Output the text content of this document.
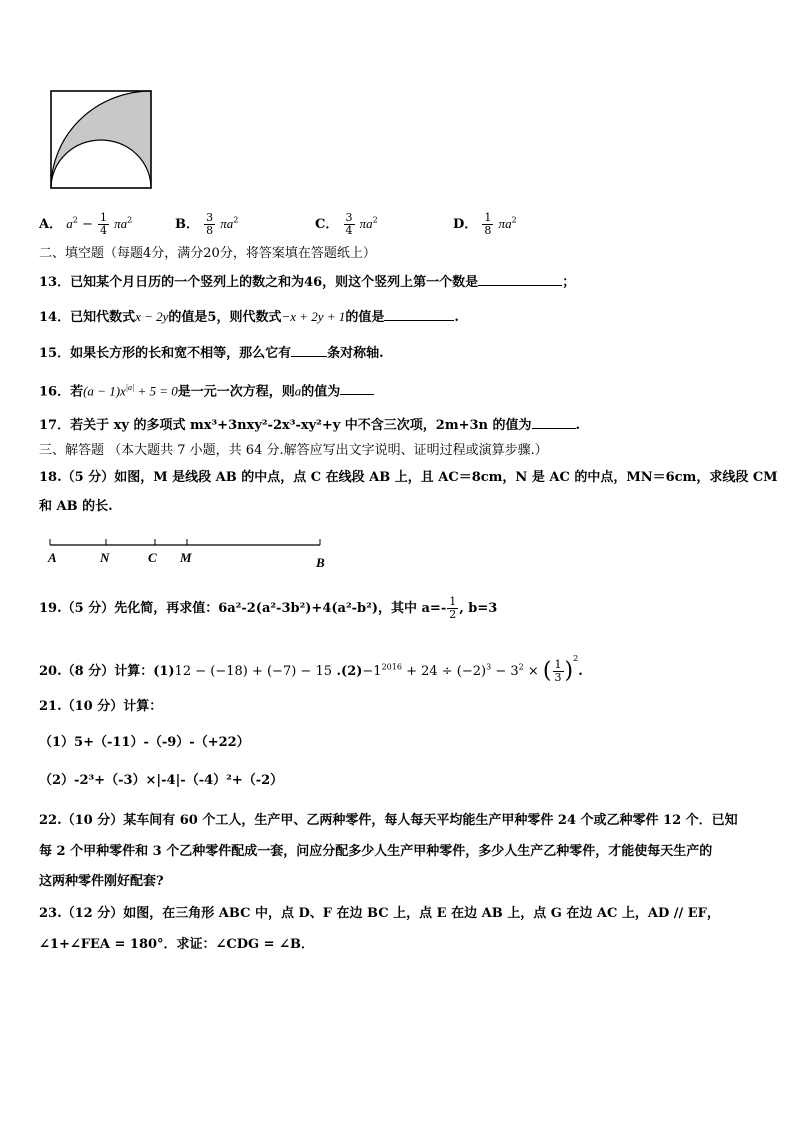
A． $a^2 - \frac{1}{4} \pi a^2$	B． $\frac{3}{8} \pi a^2$	C． $\frac{3}{4} \pi a^2$	D． $\frac{1}{8} \pi a^2$
二、填空题（每题4分，满分20分，将答案填在答题纸上）
13．已知某个月日历的一个竖列上的数之和为46，则这个竖列上第一个数是	；
14．已知代数式x − 2y的值是5，则代数式−x + 2y + 1的值是	.
15．如果长方形的长和宽不相等，那么它有	条对称轴.
16．若$(a - 1)x^{|a|} + 5 = 0$是一元一次方程，则a的值为
17．若关于 xy 的多项式 mx³+3nxy²-2x³-xy²+y 中不含三次项，2m+3n 的值为	.
三、解答题 （本大题共 7 小题，共 64 分.解答应写出文字说明、证明过程或演算步骤.）
18.（5 分）如图，M 是线段 AB 的中点，点 C 在线段 AB 上，且 AC＝8cm，N 是 AC 的中点，MN＝6cm，求线段 CM
和 AB 的长.
A	N	C M	B
19.（5 分）先化简，再求值：6a²-2(a²-3b²)+4(a²-b²)，其中 $a=- \frac{1}{2}$ , b=3
20.（8 分）计算：(1)12 − (−18) + (−7) − 15 $.(2)-1^{2016} + 24 \div (-2)^3 - 3^2$ × ( $\frac{1}{3} )^2$.
21.（10 分）计算：
（1）5+（-11）-（-9）-（+22）
（2）-2³+（-3）×|-4|-（-4）²+（-2）
22.（10 分）某车间有 60 个工人，生产甲、乙两种零件，每人每天平均能生产甲种零件 24 个或乙种零件 12 个．已知
每 2 个甲种零件和 3 个乙种零件配成一套，问应分配多少人生产甲种零件，多少人生产乙种零件，才能使每天生产的
这两种零件刚好配套?
23.（12 分）如图，在三角形 ABC 中，点 D、F 在边 BC 上，点 E 在边 AB 上，点 G 在边 AC 上，AD // EF，
∠1+∠FEA = 180°．求证：∠CDG = ∠B．
